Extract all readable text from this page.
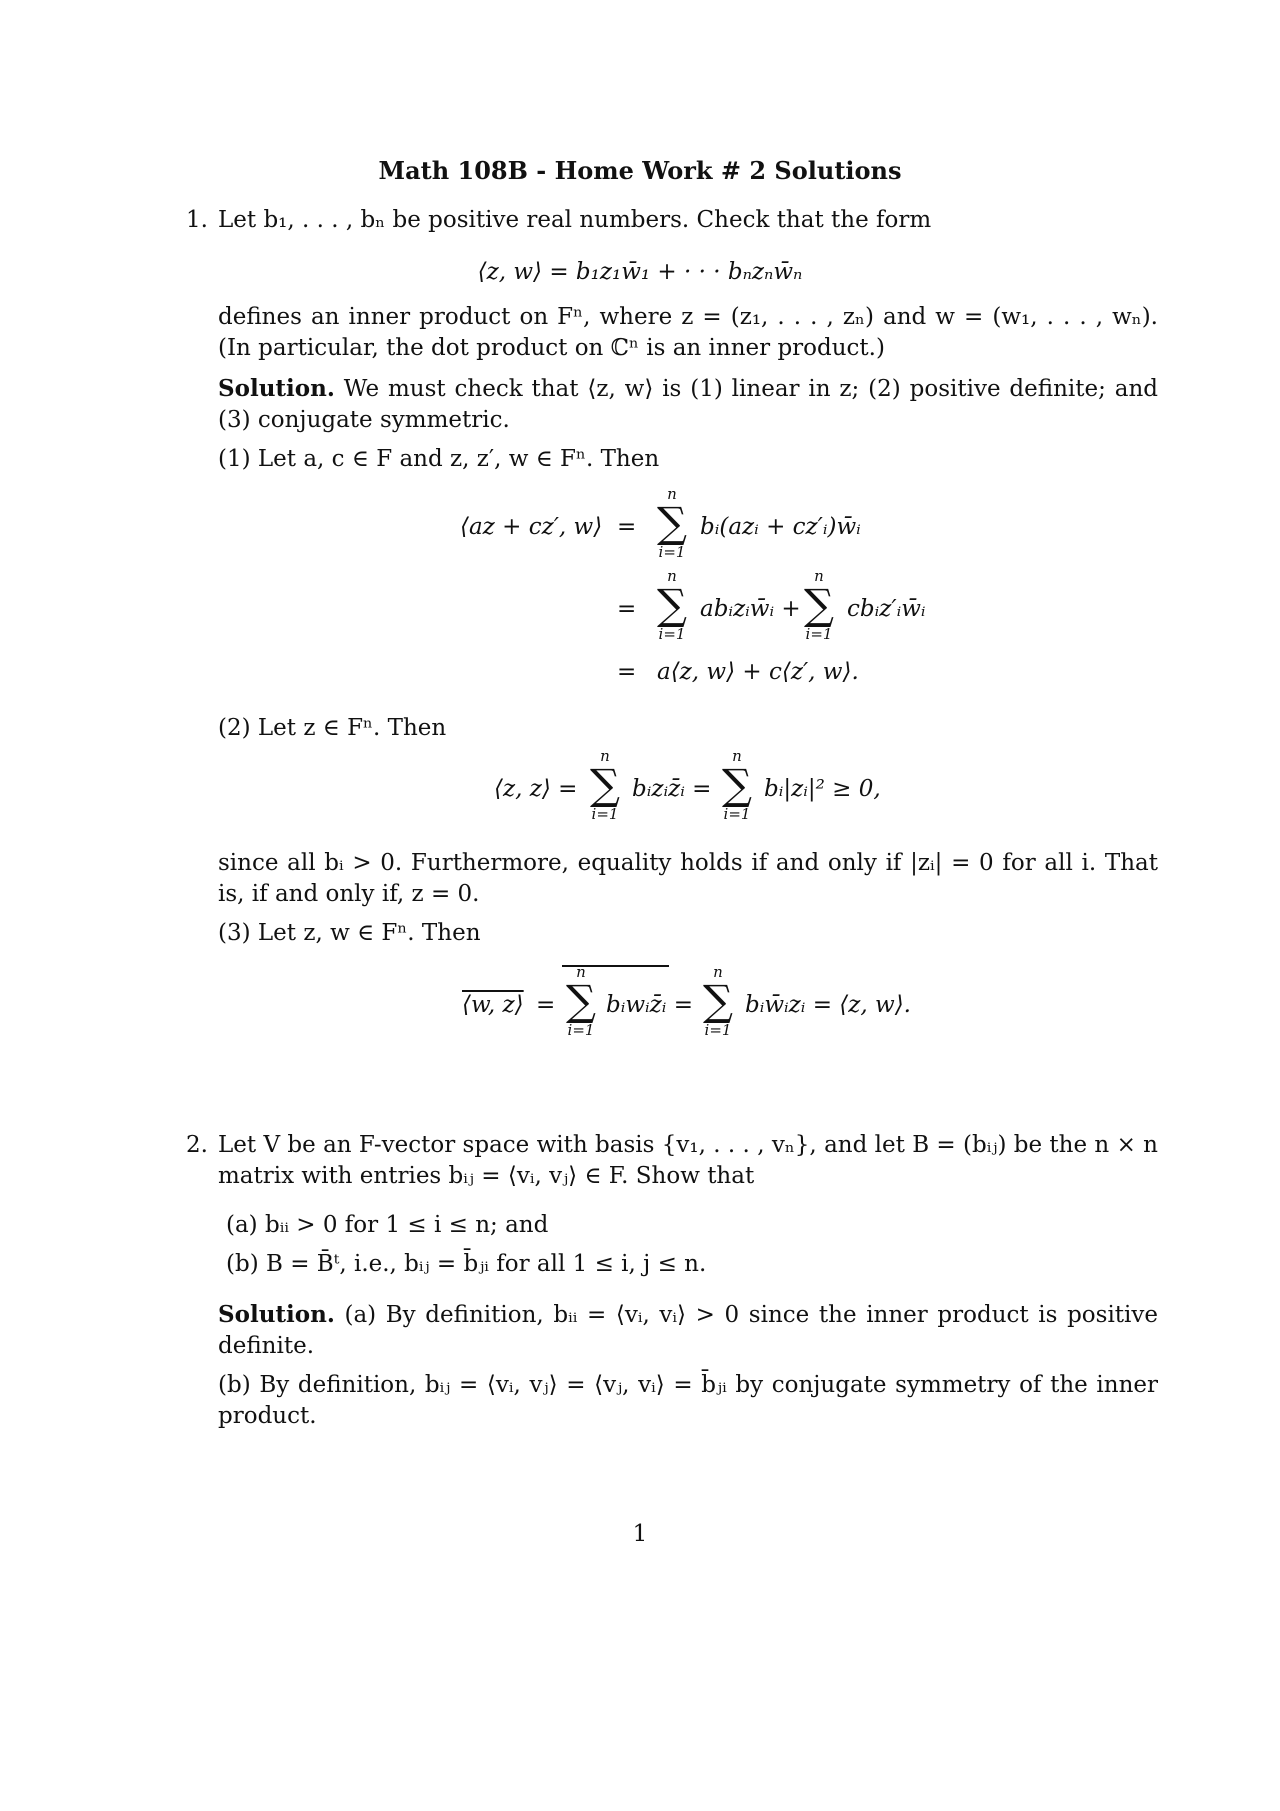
Math 108B - Home Work # 2 Solutions
1. Let b₁, . . . , bₙ be positive real numbers. Check that the form
⟨z, w⟩ = b₁z₁w̄₁ + · · · bₙzₙw̄ₙ
defines an inner product on Fⁿ, where z = (z₁, . . . , zₙ) and w = (w₁, . . . , wₙ). (In particular, the dot product on ℂⁿ is an inner product.)
Solution. We must check that ⟨z, w⟩ is (1) linear in z; (2) positive definite; and (3) conjugate symmetric.
(1) Let a, c ∈ F and z, z′, w ∈ Fⁿ. Then
⟨az + cz′, w⟩ =
n
∑
i=1
bᵢ(azᵢ + cz′ᵢ)w̄ᵢ
=
n
∑
i=1
abᵢzᵢw̄ᵢ +
n
∑
i=1
cbᵢz′ᵢw̄ᵢ
= a⟨z, w⟩ + c⟨z′, w⟩.
(2) Let z ∈ Fⁿ. Then
⟨z, z⟩ =
n
∑
i=1
bᵢzᵢz̄ᵢ =
n
∑
i=1
bᵢ|zᵢ|² ≥ 0,
since all bᵢ > 0. Furthermore, equality holds if and only if |zᵢ| = 0 for all i. That is, if and only if, z = 0.
(3) Let z, w ∈ Fⁿ. Then
⟨w, z⟩ =
n
∑
i=1
bᵢwᵢz̄ᵢ =
n
∑
i=1
bᵢw̄ᵢzᵢ = ⟨z, w⟩.
2. Let V be an F-vector space with basis {v₁, . . . , vₙ}, and let B = (bᵢⱼ) be the n × n matrix with entries bᵢⱼ = ⟨vᵢ, vⱼ⟩ ∈ F. Show that
(a) bᵢᵢ > 0 for 1 ≤ i ≤ n; and
(b) B = B̄ᵗ, i.e., bᵢⱼ = b̄ⱼᵢ for all 1 ≤ i, j ≤ n.
Solution. (a) By definition, bᵢᵢ = ⟨vᵢ, vᵢ⟩ > 0 since the inner product is positive definite.
(b) By definition, bᵢⱼ = ⟨vᵢ, vⱼ⟩ = ⟨vⱼ, vᵢ⟩ = b̄ⱼᵢ by conjugate symmetry of the inner product.
1
